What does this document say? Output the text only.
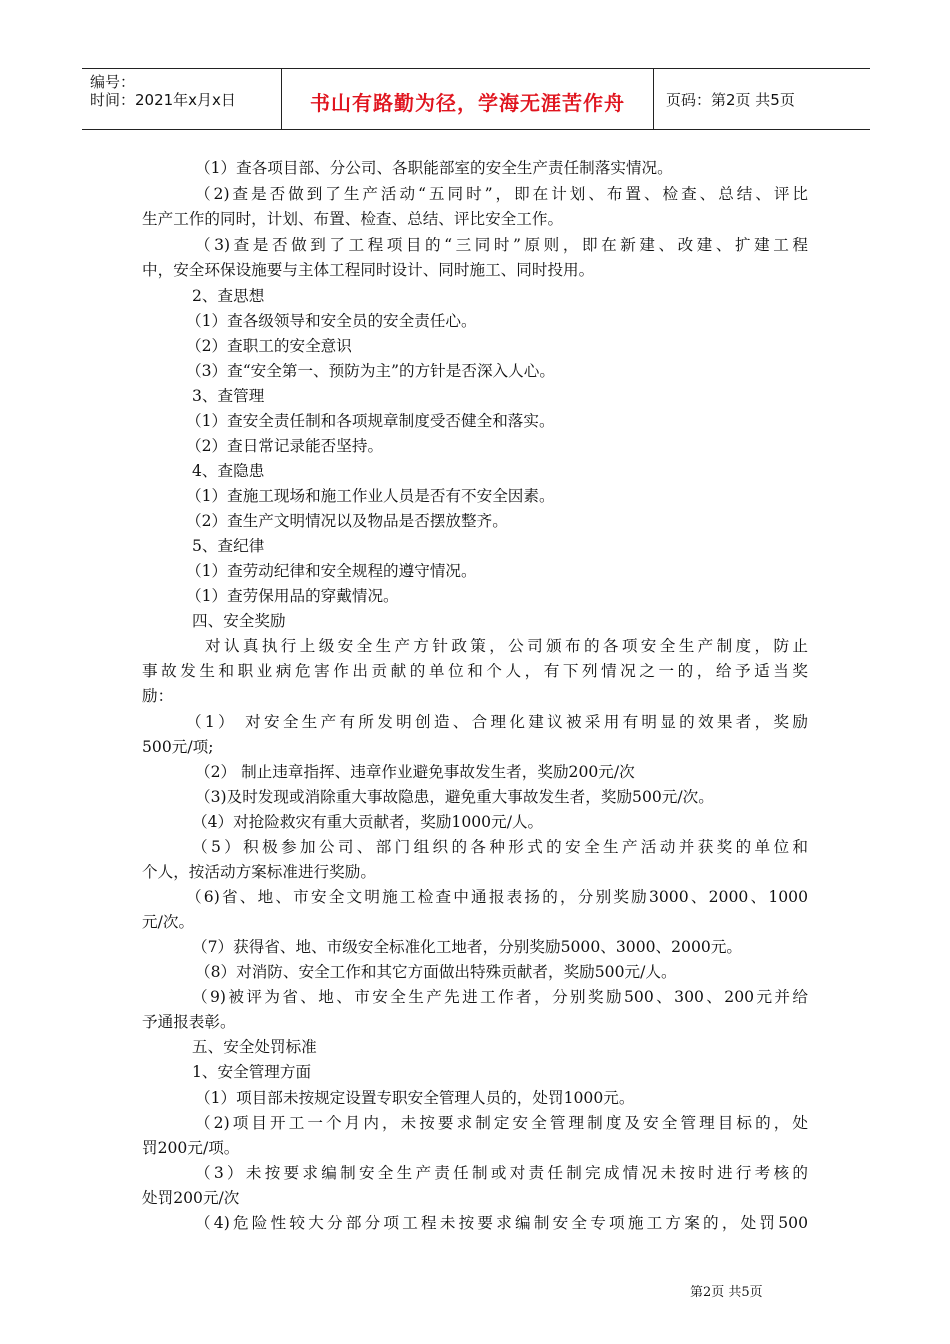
编号：
时间：2021年x月x日	书山有路勤为径，学海无涯苦作舟	页码：第2页 共5页
（1）查各项目部、分公司、各职能部室的安全生产责任制落实情况。
（2)查是否做到了生产活动“五同时”，即在计划、布置、检查、总结、评比
生产工作的同时，计划、布置、检查、总结、评比安全工作。
（3)查是否做到了工程项目的“三同时”原则，即在新建、改建、扩建工程
中，安全环保设施要与主体工程同时设计、同时施工、同时投用。
2、查思想
（1）查各级领导和安全员的安全责任心。
（2）查职工的安全意识
（3）查“安全第一、预防为主”的方针是否深入人心。
3、查管理
（1）查安全责任制和各项规章制度受否健全和落实。
（2）查日常记录能否坚持。
4、查隐患
（1）查施工现场和施工作业人员是否有不安全因素。
（2）查生产文明情况以及物品是否摆放整齐。
5、查纪律
（1）查劳动纪律和安全规程的遵守情况。
（1）查劳保用品的穿戴情况。
四、安全奖励
对认真执行上级安全生产方针政策，公司颁布的各项安全生产制度，防止
事故发生和职业病危害作出贡献的单位和个人，有下列情况之一的，给予适当奖
励：
（1） 对安全生产有所发明创造、合理化建议被采用有明显的效果者，奖励
500元/项;
（2） 制止违章指挥、违章作业避免事故发生者，奖励200元/次
（3)及时发现或消除重大事故隐患，避免重大事故发生者，奖励500元/次。
（4）对抢险救灾有重大贡献者，奖励1000元/人。
（5）积极参加公司、部门组织的各种形式的安全生产活动并获奖的单位和
个人，按活动方案标准进行奖励。
（6)省、地、市安全文明施工检查中通报表扬的，分别奖励3000、2000、1000
元/次。
（7）获得省、地、市级安全标准化工地者，分别奖励5000、3000、2000元。
（8）对消防、安全工作和其它方面做出特殊贡献者，奖励500元/人。
（9)被评为省、地、市安全生产先进工作者，分别奖励500、300、200元并给
予通报表彰。
五、安全处罚标准
1、安全管理方面
（1）项目部未按规定设置专职安全管理人员的，处罚1000元。
（2)项目开工一个月内，未按要求制定安全管理制度及安全管理目标的，处
罚200元/项。
（3）未按要求编制安全生产责任制或对责任制完成情况未按时进行考核的
处罚200元/次
（4)危险性较大分部分项工程未按要求编制安全专项施工方案的，处罚500
第2页 共5页
